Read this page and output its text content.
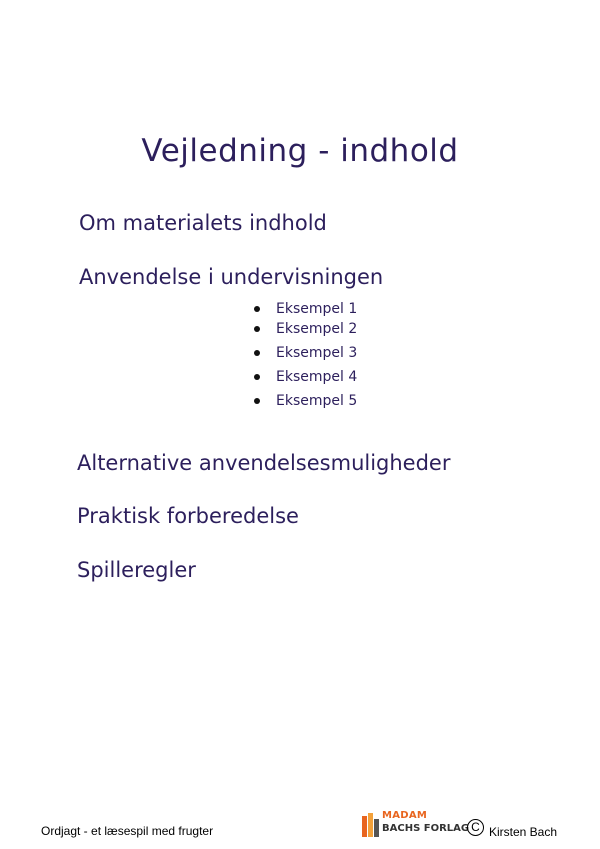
Vejledning - indhold
Om materialets indhold
Anvendelse i undervisningen
Eksempel 1
Eksempel 2
Eksempel 3
Eksempel 4
Eksempel 5
Alternative anvendelsesmuligheder
Praktisk forberedelse
Spilleregler
Ordjagt - et læsespil med frugter
MADAM
BACHS FORLAG C Kirsten Bach
